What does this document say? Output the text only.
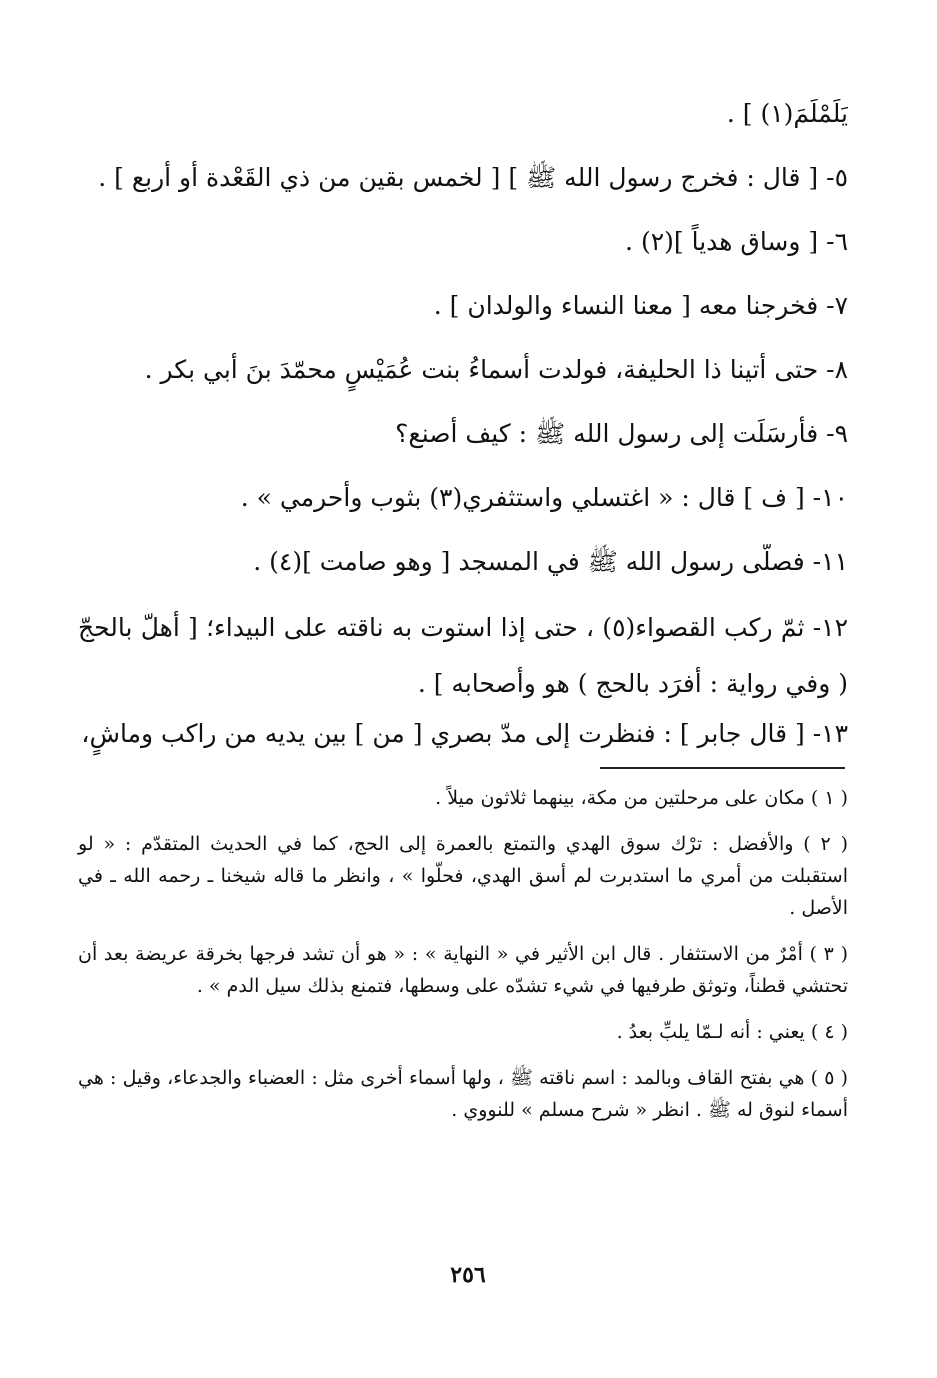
يَلَمْلَمَ(١) ] .
٥- [ قال : فخرج رسول الله ﷺ ] [ لخمس بقين من ذي القَعْدة أو أربع ] .
٦- [ وساق هدياً ](٢) .
٧- فخرجنا معه [ معنا النساء والولدان ] .
٨- حتى أتينا ذا الحليفة، فولدت أسماءُ بنت عُمَيْسٍ محمّدَ بنَ أبي بكر .
٩- فأرسَلَت إلى رسول الله ﷺ : كيف أصنع؟
١٠- [ ف ] قال : « اغتسلي واستثفري(٣) بثوب وأحرمي » .
١١- فصلّى رسول الله ﷺ في المسجد [ وهو صامت ](٤) .
١٢- ثمّ ركب القصواء(٥) ، حتى إذا استوت به ناقته على البيداء؛ [ أهلّ بالحجّ ( وفي رواية : أفرَد بالحج ) هو وأصحابه ] .
١٣- [ قال جابر ] : فنظرت إلى مدّ بصري [ من ] بين يديه من راكب وماشٍ،
( ١ ) مكان على مرحلتين من مكة، بينهما ثلاثون ميلاً .
( ٢ ) والأفضل : ترْك سوق الهدي والتمتع بالعمرة إلى الحج، كما في الحديث المتقدّم : « لو استقبلت من أمري ما استدبرت لم أسق الهدي، فحلّوا » ، وانظر ما قاله شيخنا ـ رحمه الله ـ في الأصل .
( ٣ ) أمْرٌ من الاستثفار . قال ابن الأثير في « النهاية » : « هو أن تشد فرجها بخرقة عريضة بعد أن تحتشي قطناً، وتوثق طرفيها في شيء تشدّه على وسطها، فتمنع بذلك سيل الدم » .
( ٤ ) يعني : أنه لـمّا يلبِّ بعدُ .
( ٥ ) هي بفتح القاف وبالمد : اسم ناقته ﷺ ، ولها أسماء أخرى مثل : العضباء والجدعاء، وقيل : هي أسماء لنوق له ﷺ . انظر « شرح مسلم » للنووي .
٢٥٦
